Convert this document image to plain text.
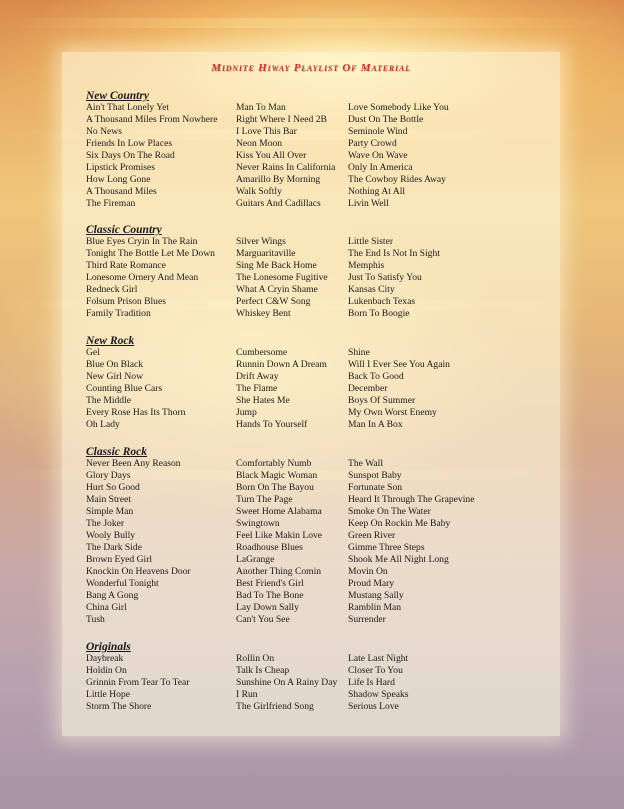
Midnite Hiway Playlist Of Material
New Country
Ain't That Lonely Yet
A Thousand Miles From Nowhere
No News
Friends In Low Places
Six Days On The Road
Lipstick Promises
How Long Gone
A Thousand Miles
The Fireman
Man To Man
Right Where I Need 2B
I Love This Bar
Neon Moon
Kiss You All Over
Never Rains In California
Amarillo By Morning
Walk Softly
Guitars And Cadillacs
Love Somebody Like You
Dust On The Bottle
Seminole Wind
Party Crowd
Wave On Wave
Only In America
The Cowboy Rides Away
Nothing At All
Livin Well
Classic Country
Blue Eyes Cryin In The Rain
Tonight The Bottle Let Me Down
Third Rate Romance
Lonesome Ornery And Mean
Redneck Girl
Folsum Prison Blues
Family Tradition
Silver Wings
Marguaritaville
Sing Me Back Home
The Lonesome Fugitive
What A Cryin Shame
Perfect C&W Song
Whiskey Bent
Little Sister
The End Is Not In Sight
Memphis
Just To Satisfy You
Kansas City
Lukenbach Texas
Born To Boogie
New Rock
Gel
Blue On Black
New Girl Now
Counting Blue Cars
The Middle
Every Rose Has Its Thorn
Oh Lady
Cumbersome
Runnin Down A Dream
Drift Away
The Flame
She Hates Me
Jump
Hands To Yourself
Shine
Will I Ever See You Again
Back To Good
December
Boys Of Summer
My Own Worst Enemy
Man In A Box
Classic Rock
Never Been Any Reason
Glory Days
Hurt So Good
Main Street
Simple Man
The Joker
Wooly Bully
The Dark Side
Brown Eyed Girl
Knockin On Heavens Door
Wonderful Tonight
Bang A Gong
China Girl
Tush
Comfortably Numb
Black Magic Woman
Born On The Bayou
Turn The Page
Sweet Home Alabama
Swingtown
Feel Like Makin Love
Roadhouse Blues
LaGrange
Another Thing Comin
Best Friend's Girl
Bad To The Bone
Lay Down Sally
Can't You See
The Wall
Sunspot Baby
Fortunate Son
Heard It Through The Grapevine
Smoke On The Water
Keep On Rockin Me Baby
Green River
Gimme Three Steps
Shook Me All Night Long
Movin On
Proud Mary
Mustang Sally
Ramblin Man
Surrender
Originals
Daybreak
Holdin On
Grinnin From Tear To Tear
Little Hope
Storm The Shore
Rollin On
Talk Is Cheap
Sunshine On A Rainy Day
I Run
The Girlfriend Song
Late Last Night
Closer To You
Life Is Hard
Shadow Speaks
Serious Love
